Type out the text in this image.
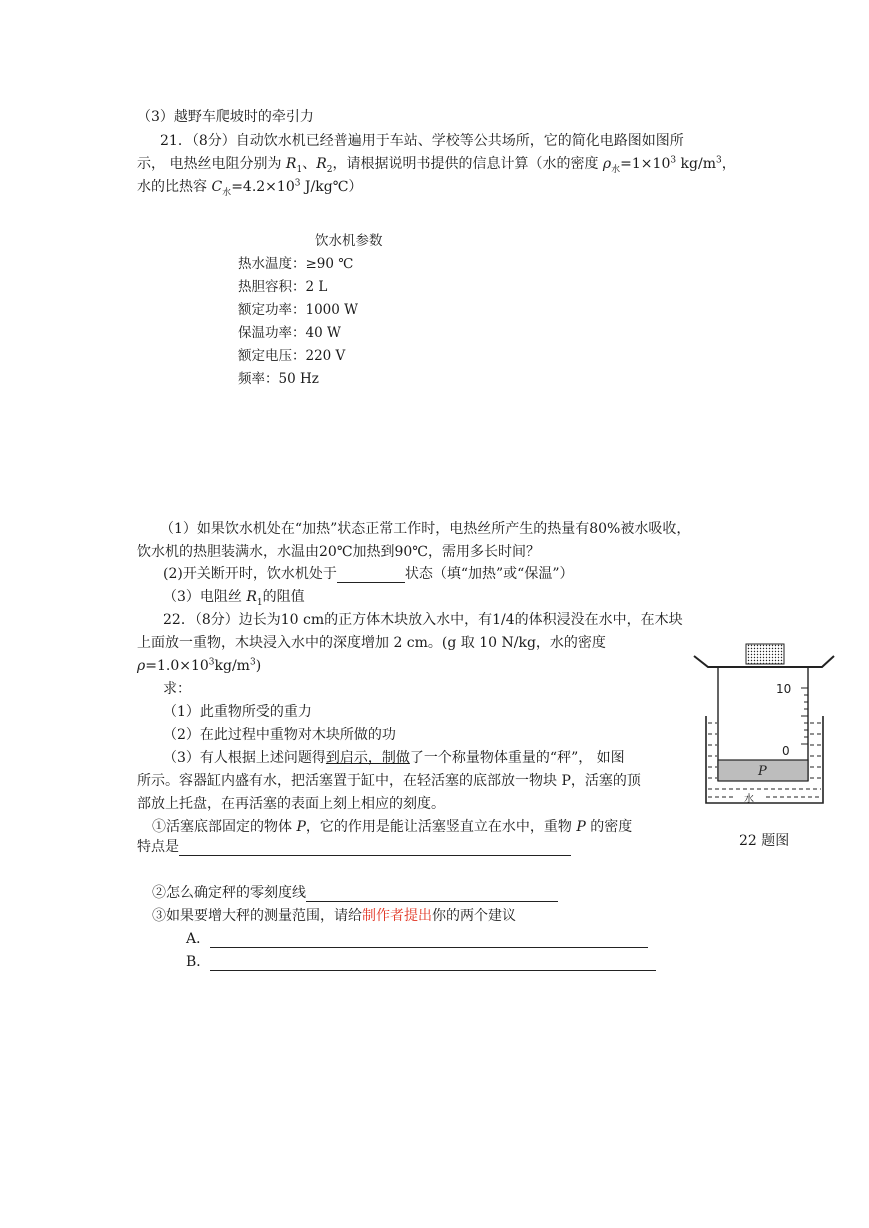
（3）越野车爬坡时的牵引力
21．（8分）自动饮水机已经普遍用于车站、学校等公共场所，它的简化电路图如图所
示， 电热丝电阻分别为 $R_1$、$R_2$，请根据说明书提供的信息计算（水的密度 $\rho_水=1\times 10^3$ $kg/m^3$，
水的比热容 $C_水=4.2\times 10^3$ J/kg℃）
饮水机参数
热水温度：≥90 ℃
热胆容积：2 L
额定功率：1000 W
保温功率：40 W
额定电压：220 V
频率：50 Hz
（1）如果饮水机处在“加热”状态正常工作时，电热丝所产生的热量有80%被水吸收，
饮水机的热胆装满水，水温由20℃加热到90℃，需用多长时间？
(2)开关断开时，饮水机处于	状态（填“加热”或“保温”）
（3）电阻丝 $R_1$的阻值
22．（8分）边长为10 cm的正方体木块放入水中，有1/4的体积浸没在水中，在木块
上面放一重物，木块浸入水中的深度增加 2 cm。(g 取 10 N/kg，水的密度
$\rho=1.0\times 10^3kg/m^3$)
求：
（1）此重物所受的重力
（2）在此过程中重物对木块所做的功
（3）有人根据上述问题得到启示，制做了一个称量物体重量的“秤”， 如图
所示。容器缸内盛有水，把活塞置于缸中，在轻活塞的底部放一物块 P，活塞的顶
部放上托盘，在再活塞的表面上刻上相应的刻度。
①活塞底部固定的物体 P，它的作用是能让活塞竖直立在水中，重物 P 的密度
特点是
②怎么确定秤的零刻度线
③如果要增大秤的测量范围，请给制作者提出你的两个建议
A．
B．
10
0
P
水
22 题图
